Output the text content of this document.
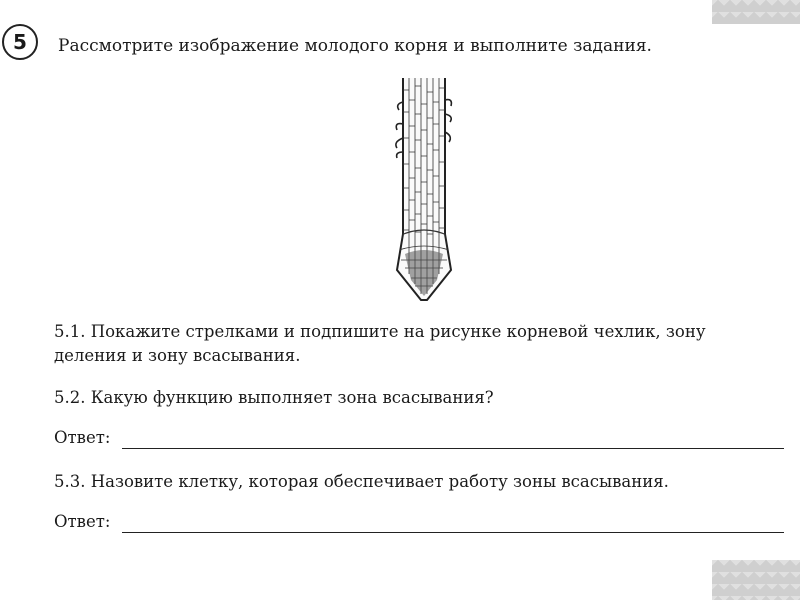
5	Рассмотрите изображение молодого корня и выполните задания.
5.1. Покажите стрелками и подпишите на рисунке корневой чехлик, зону
деления и зону всасывания.
5.2. Какую функцию выполняет зона всасывания?
Ответ:
5.3. Назовите клетку, которая обеспечивает работу зоны всасывания.
Ответ:
